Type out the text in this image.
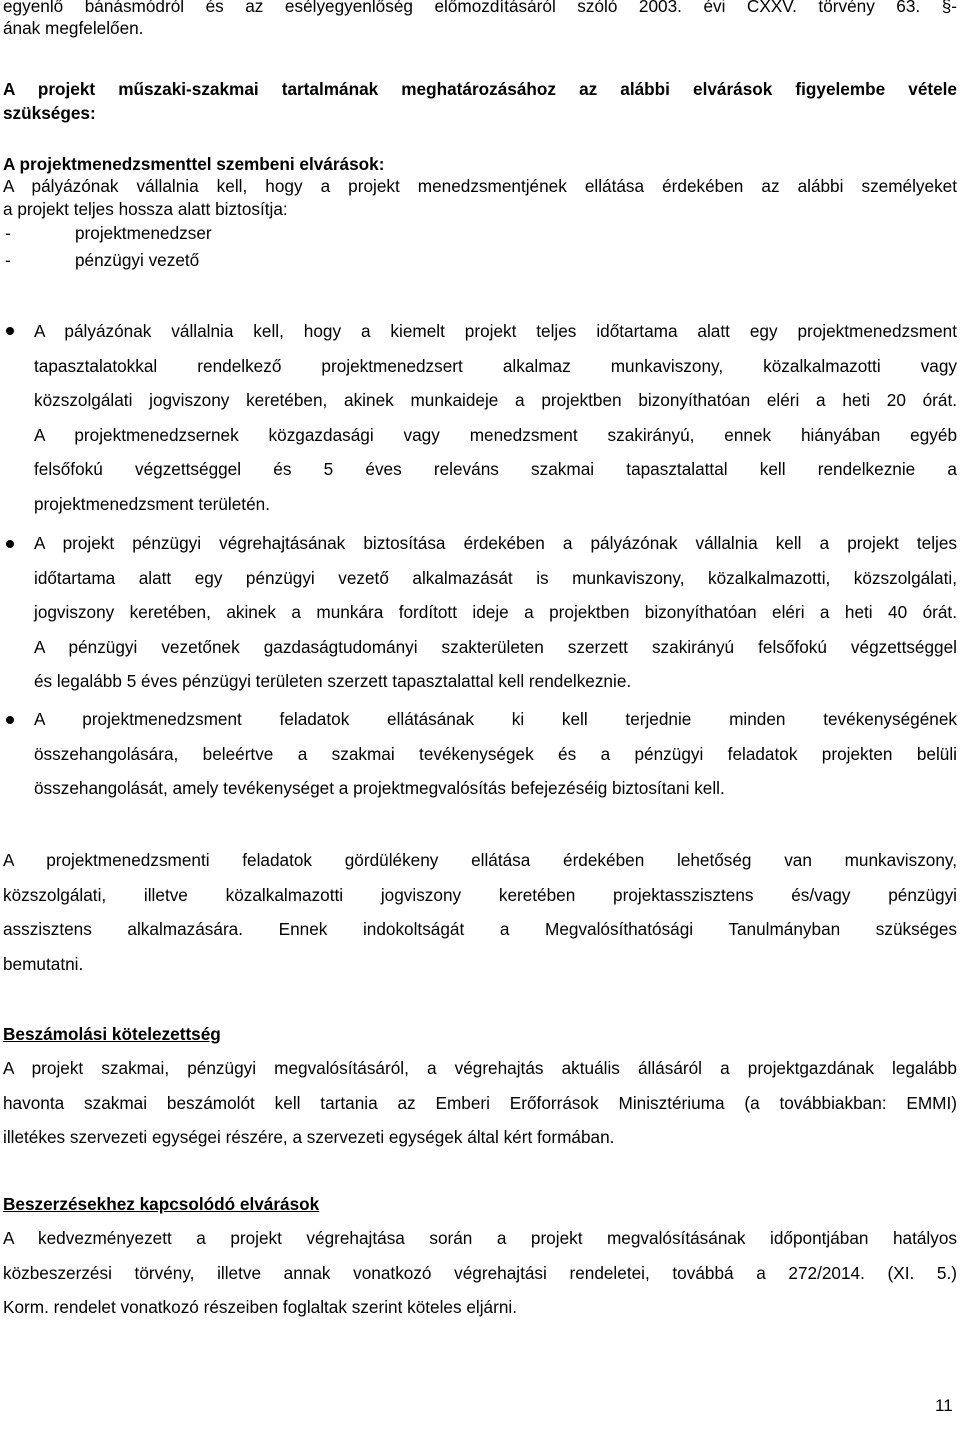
egyenlő bánásmódról és az esélyegyenlőség előmozdításáról szóló 2003. évi CXXV. törvény 63. §-
ának megfelelően.
A projekt műszaki-szakmai tartalmának meghatározásához az alábbi elvárások figyelembe vétele
szükséges:
A projektmenedzsmenttel szembeni elvárások:
A pályázónak vállalnia kell, hogy a projekt menedzsmentjének ellátása érdekében az alábbi személyeket
a projekt teljes hossza alatt biztosítja:
-	projektmenedzser
-	pénzügyi vezető
A pályázónak vállalnia kell, hogy a kiemelt projekt teljes időtartama alatt egy projektmenedzsment
tapasztalatokkal rendelkező projektmenedzsert alkalmaz munkaviszony, közalkalmazotti vagy
közszolgálati jogviszony keretében, akinek munkaideje a projektben bizonyíthatóan eléri a heti 20 órát.
A projektmenedzsernek közgazdasági vagy menedzsment szakirányú, ennek hiányában egyéb
felsőfokú végzettséggel és 5 éves releváns szakmai tapasztalattal kell rendelkeznie a
projektmenedzsment területén.
A projekt pénzügyi végrehajtásának biztosítása érdekében a pályázónak vállalnia kell a projekt teljes
időtartama alatt egy pénzügyi vezető alkalmazását is munkaviszony, közalkalmazotti, közszolgálati,
jogviszony keretében, akinek a munkára fordított ideje a projektben bizonyíthatóan eléri a heti 40 órát.
A pénzügyi vezetőnek gazdaságtudományi szakterületen szerzett szakirányú felsőfokú végzettséggel
és legalább 5 éves pénzügyi területen szerzett tapasztalattal kell rendelkeznie.
A projektmenedzsment feladatok ellátásának ki kell terjednie minden tevékenységének
összehangolására, beleértve a szakmai tevékenységek és a pénzügyi feladatok projekten belüli
összehangolását, amely tevékenységet a projektmegvalósítás befejezéséig biztosítani kell.
A projektmenedzsmenti feladatok gördülékeny ellátása érdekében lehetőség van munkaviszony,
közszolgálati, illetve közalkalmazotti jogviszony keretében projektasszisztens és/vagy pénzügyi
asszisztens alkalmazására. Ennek indokoltságát a Megvalósíthatósági Tanulmányban szükséges
bemutatni.
Beszámolási kötelezettség
A projekt szakmai, pénzügyi megvalósításáról, a végrehajtás aktuális állásáról a projektgazdának legalább
havonta szakmai beszámolót kell tartania az Emberi Erőforrások Minisztériuma (a továbbiakban: EMMI)
illetékes szervezeti egységei részére, a szervezeti egységek által kért formában.
Beszerzésekhez kapcsolódó elvárások
A kedvezményezett a projekt végrehajtása során a projekt megvalósításának időpontjában hatályos
közbeszerzési törvény, illetve annak vonatkozó végrehajtási rendeletei, továbbá a 272/2014. (XI. 5.)
Korm. rendelet vonatkozó részeiben foglaltak szerint köteles eljárni.
11
